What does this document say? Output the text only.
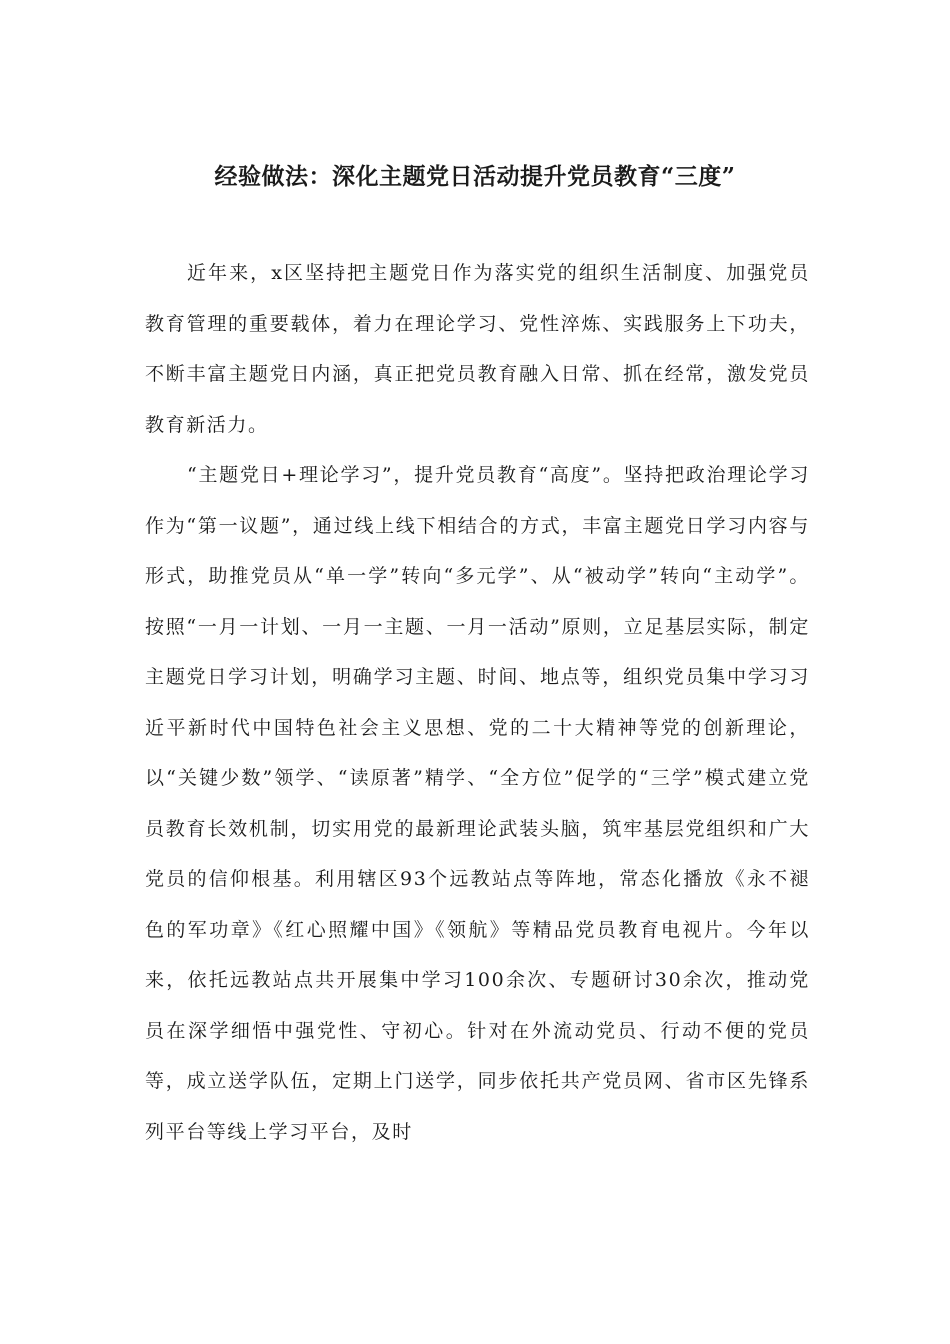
经验做法：深化主题党日活动提升党员教育“三度”

近年来，x区坚持把主题党日作为落实党的组织生活制度、加强党员教育管理的重要载体，着力在理论学习、党性淬炼、实践服务上下功夫，不断丰富主题党日内涵，真正把党员教育融入日常、抓在经常，激发党员教育新活力。

“主题党日+理论学习”，提升党员教育“高度”。坚持把政治理论学习作为“第一议题”，通过线上线下相结合的方式，丰富主题党日学习内容与形式，助推党员从“单一学”转向“多元学”、从“被动学”转向“主动学”。按照“一月一计划、一月一主题、一月一活动”原则，立足基层实际，制定主题党日学习计划，明确学习主题、时间、地点等，组织党员集中学习习近平新时代中国特色社会主义思想、党的二十大精神等党的创新理论，以“关键少数”领学、“读原著”精学、“全方位”促学的“三学”模式建立党员教育长效机制，切实用党的最新理论武装头脑，筑牢基层党组织和广大党员的信仰根基。利用辖区93个远教站点等阵地，常态化播放《永不褪色的军功章》《红心照耀中国》《领航》等精品党员教育电视片。今年以来，依托远教站点共开展集中学习100余次、专题研讨30余次，推动党员在深学细悟中强党性、守初心。针对在外流动党员、行动不便的党员等，成立送学队伍，定期上门送学，同步依托共产党员网、省市区先锋系列平台等线上学习平台，及时
